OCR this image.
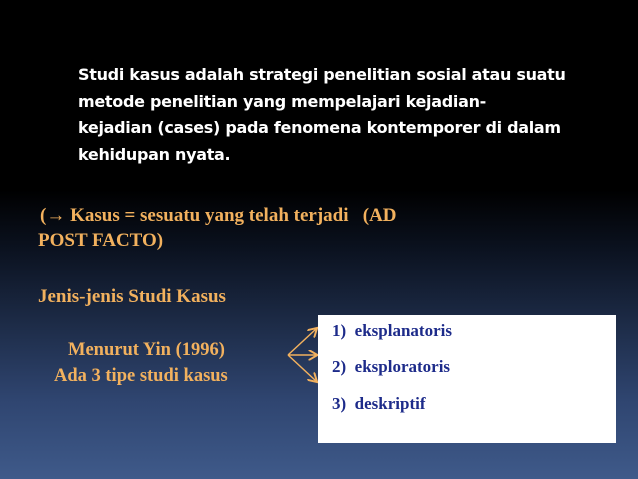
Studi kasus adalah strategi penelitian sosial atau suatu
metode penelitian yang mempelajari kejadian-
kejadian (cases) pada fenomena kontemporer di dalam
kehidupan nyata.
(→ Kasus = sesuatu yang telah terjadi   (AD
POST FACTO)
Jenis-jenis Studi Kasus
Menurut Yin (1996)
Ada 3 tipe studi kasus
1)  eksplanatoris
2)  eksploratoris
3)  deskriptif
